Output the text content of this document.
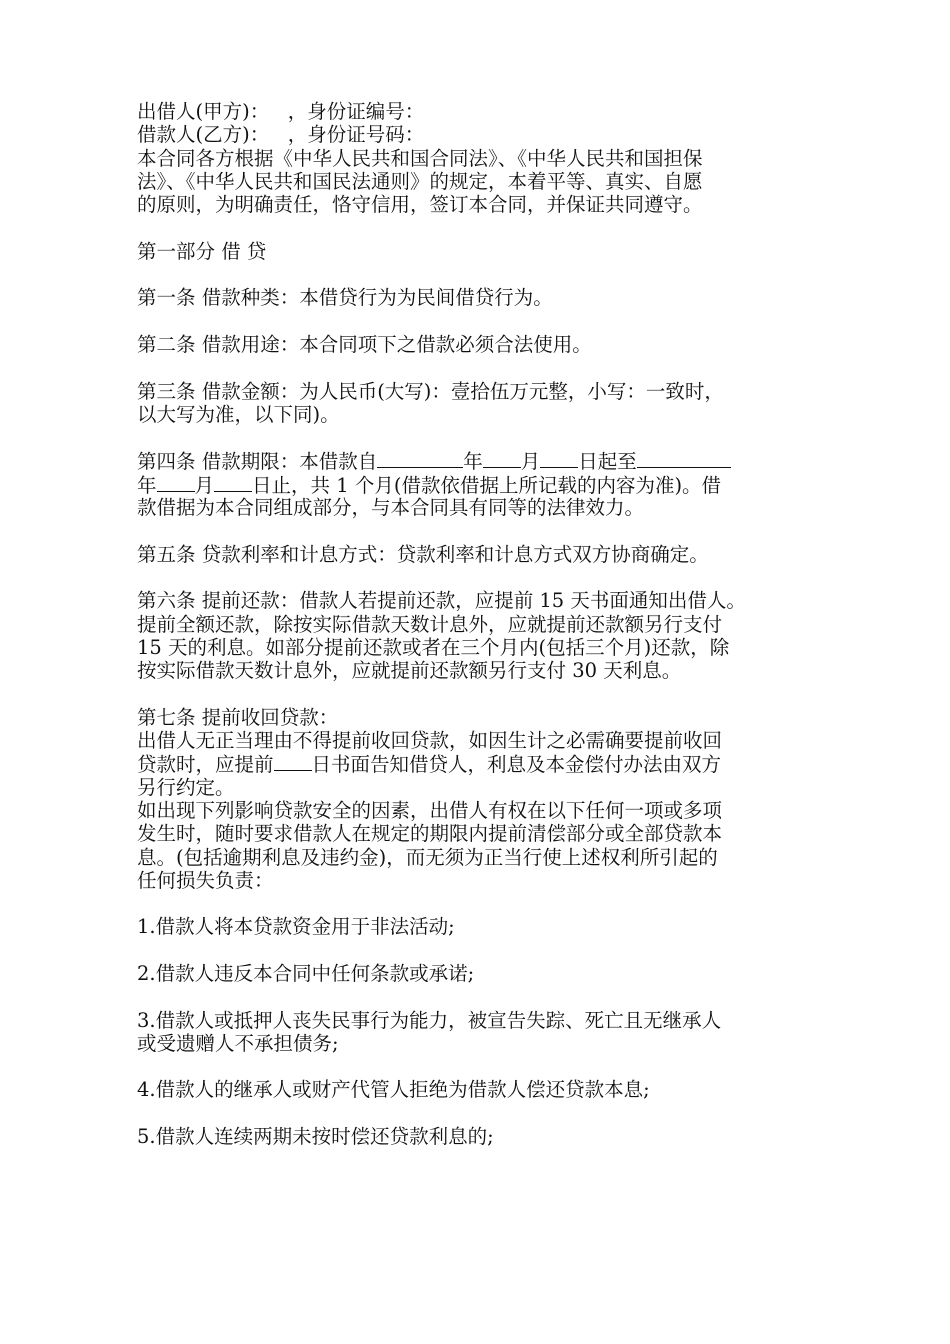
出借人(甲方)：   ，身份证编号：
借款人(乙方)：   ，身份证号码：
本合同各方根据《中华人民共和国合同法》、《中华人民共和国担保
法》、《中华人民共和国民法通则》的规定，本着平等、真实、自愿
的原则，为明确责任，恪守信用，签订本合同，并保证共同遵守。
第一部分 借 贷
第一条 借款种类：本借贷行为为民间借贷行为。
第二条 借款用途：本合同项下之借款必须合法使用。
第三条 借款金额：为人民币(大写)：壹拾伍万元整，小写：一致时，
以大写为准，以下同)。
第四条 借款期限：本借款自	年 月 日起至
年 月 日止，共 1 个月(借款依借据上所记载的内容为准)。借
款借据为本合同组成部分，与本合同具有同等的法律效力。
第五条 贷款利率和计息方式：贷款利率和计息方式双方协商确定。
第六条 提前还款：借款人若提前还款，应提前 15 天书面通知出借人。
提前全额还款，除按实际借款天数计息外，应就提前还款额另行支付
15 天的利息。如部分提前还款或者在三个月内(包括三个月)还款，除
按实际借款天数计息外，应就提前还款额另行支付 30 天利息。
第七条 提前收回贷款：
出借人无正当理由不得提前收回贷款，如因生计之必需确要提前收回
贷款时，应提前 日书面告知借贷人，利息及本金偿付办法由双方
另行约定。
如出现下列影响贷款安全的因素，出借人有权在以下任何一项或多项
发生时，随时要求借款人在规定的期限内提前清偿部分或全部贷款本
息。(包括逾期利息及违约金)，而无须为正当行使上述权利所引起的
任何损失负责：
1.借款人将本贷款资金用于非法活动;
2.借款人违反本合同中任何条款或承诺;
3.借款人或抵押人丧失民事行为能力，被宣告失踪、死亡且无继承人
或受遗赠人不承担债务;
4.借款人的继承人或财产代管人拒绝为借款人偿还贷款本息;
5.借款人连续两期未按时偿还贷款利息的;
